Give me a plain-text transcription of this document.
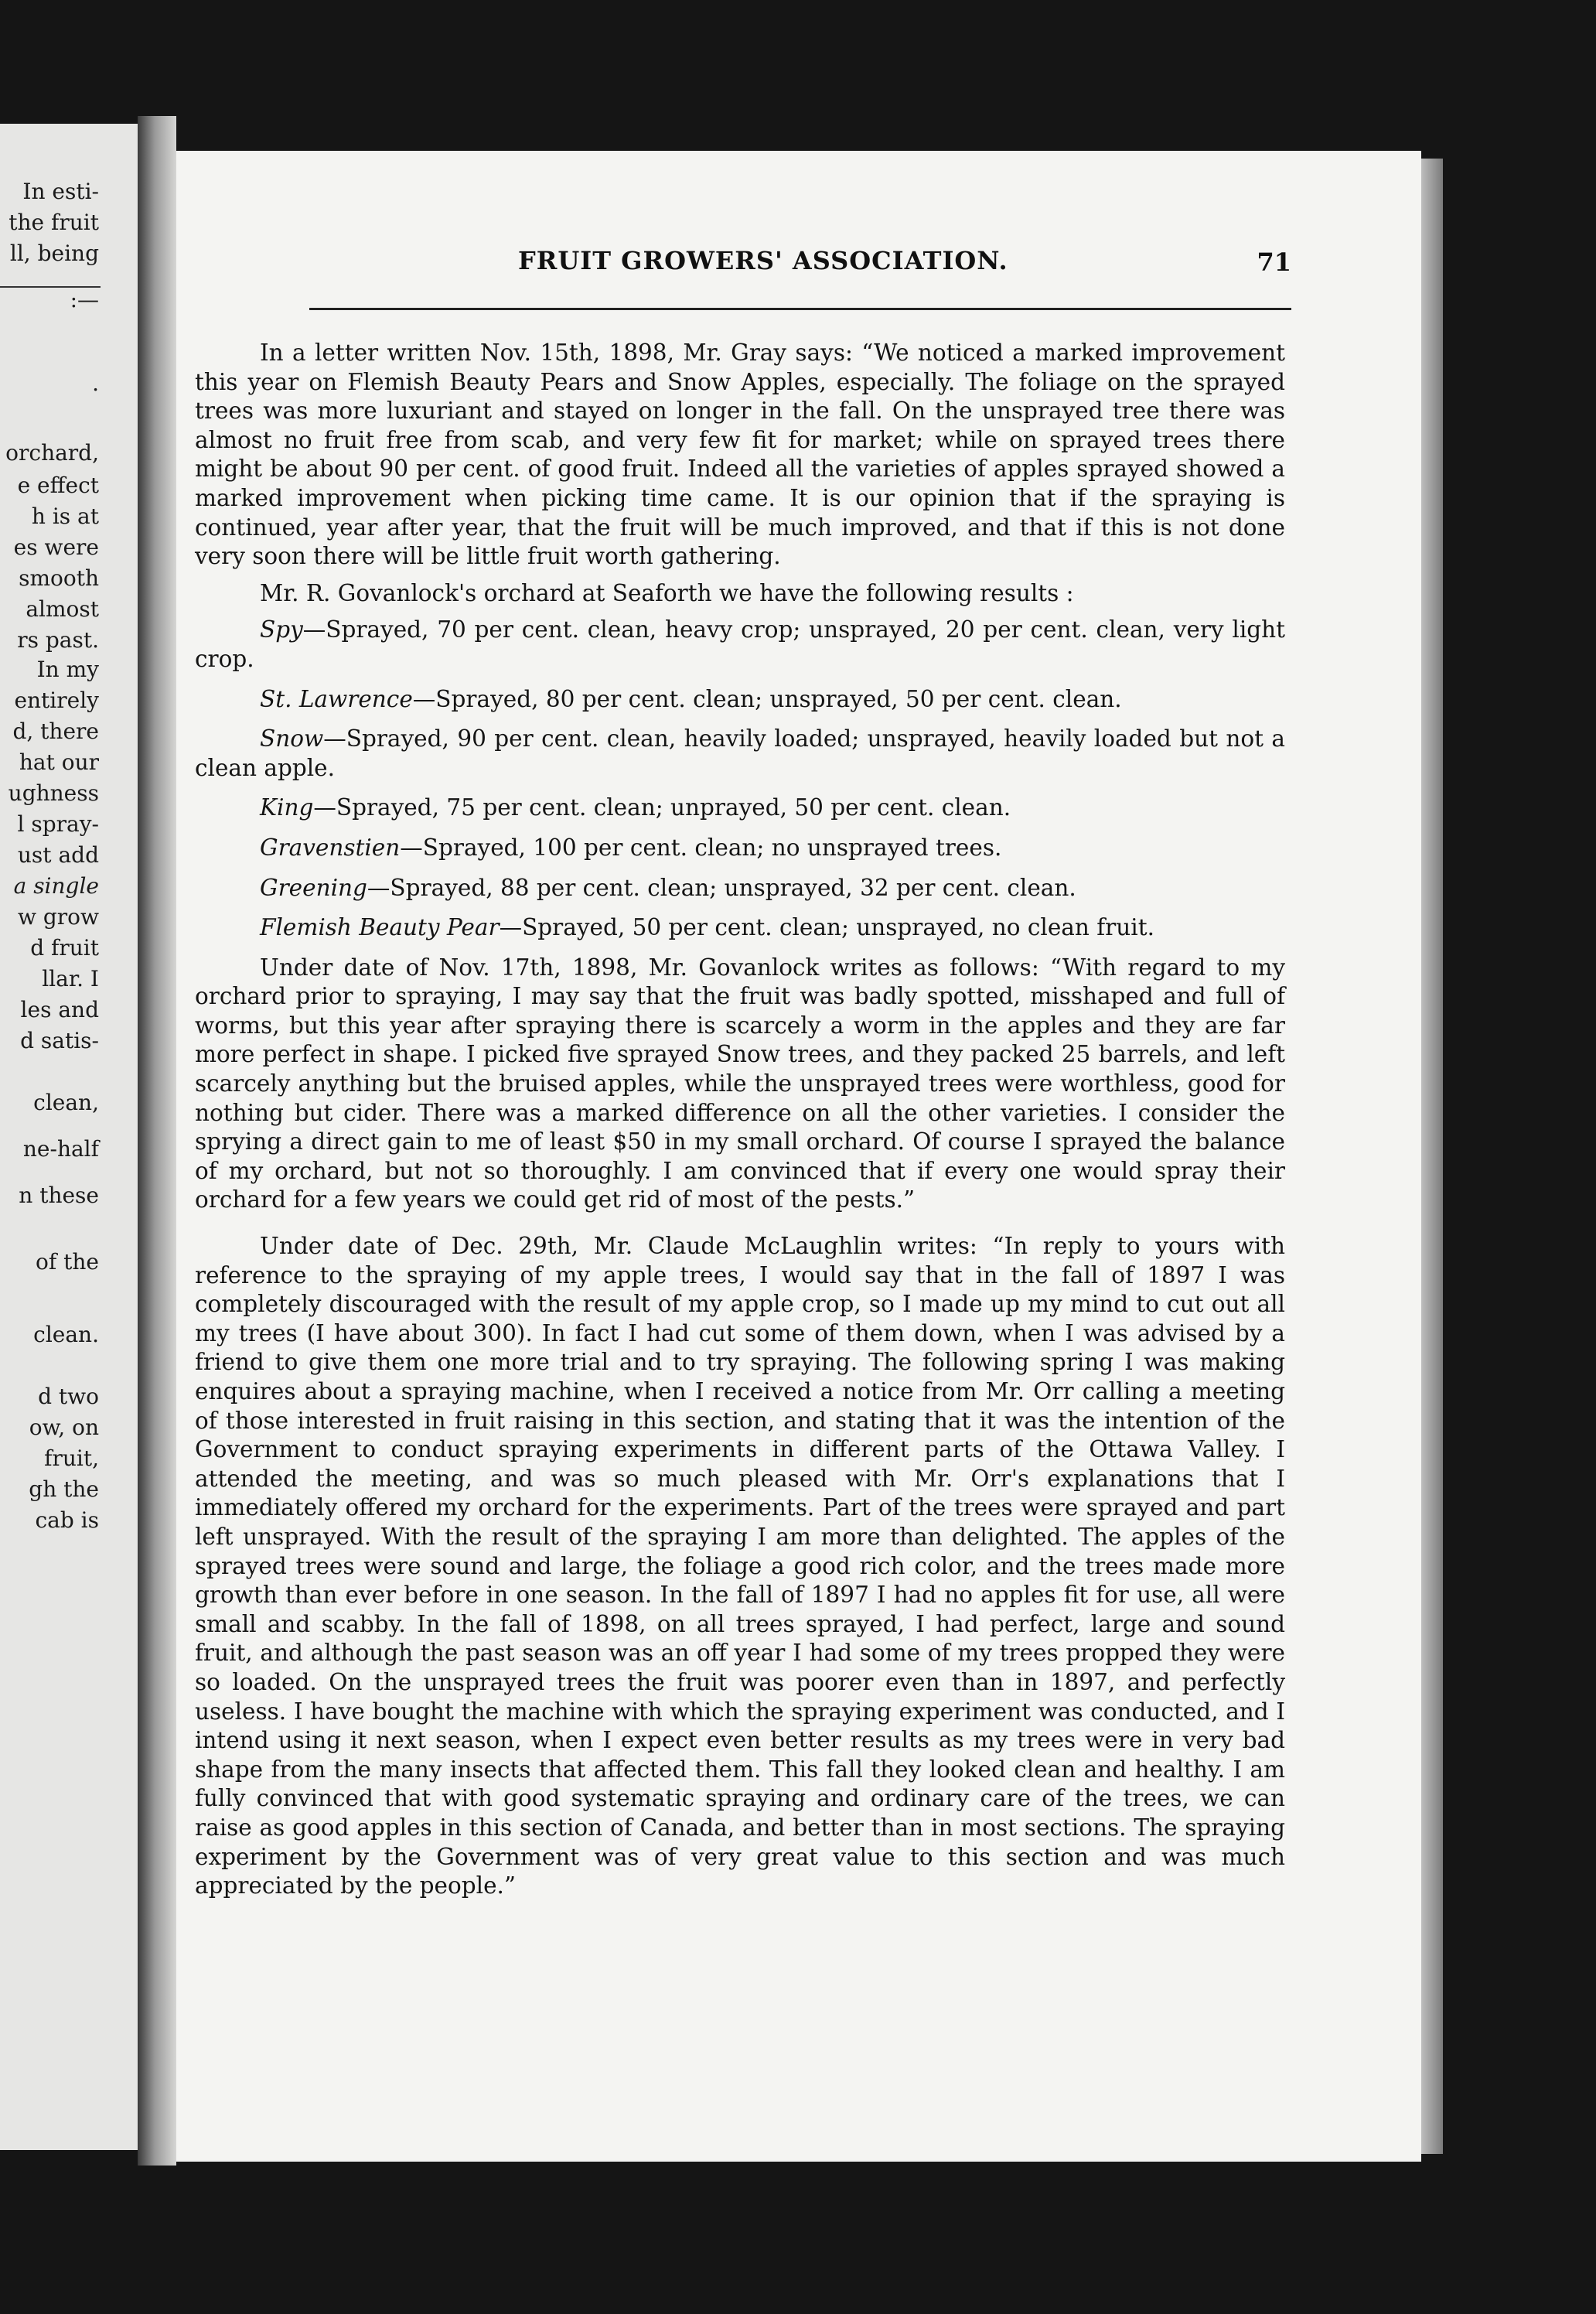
In esti-
the fruit
ll, being
:—
.
orchard,
e effect
h is at
es were
smooth
almost
rs past.
In my
entirely
d, there
hat our
ughness
l spray-
ust add
a single
w grow
d fruit
llar. I
les and
d satis-
clean,
ne-half
n these
of the
clean.
d two
ow, on
fruit,
gh the
cab is
FRUIT GROWERS' ASSOCIATION.	71

In a letter written Nov. 15th, 1898, Mr. Gray says: “We noticed a marked improvement this year on Flemish Beauty Pears and Snow Apples, especially. The foliage on the sprayed trees was more luxuriant and stayed on longer in the fall. On the unsprayed tree there was almost no fruit free from scab, and very few fit for market; while on sprayed trees there might be about 90 per cent. of good fruit. Indeed all the varieties of apples sprayed showed a marked improvement when picking time came. It is our opinion that if the spraying is continued, year after year, that the fruit will be much improved, and that if this is not done very soon there will be little fruit worth gathering.

Mr. R. Govanlock's orchard at Seaforth we have the following results :

Spy—Sprayed, 70 per cent. clean, heavy crop; unsprayed, 20 per cent. clean, very light crop.

St. Lawrence—Sprayed, 80 per cent. clean; unsprayed, 50 per cent. clean.

Snow—Sprayed, 90 per cent. clean, heavily loaded; unsprayed, heavily loaded but not a clean apple.

King—Sprayed, 75 per cent. clean; unprayed, 50 per cent. clean.

Gravenstien—Sprayed, 100 per cent. clean; no unsprayed trees.

Greening—Sprayed, 88 per cent. clean; unsprayed, 32 per cent. clean.

Flemish Beauty Pear—Sprayed, 50 per cent. clean; unsprayed, no clean fruit.

Under date of Nov. 17th, 1898, Mr. Govanlock writes as follows: “With regard to my orchard prior to spraying, I may say that the fruit was badly spotted, misshaped and full of worms, but this year after spraying there is scarcely a worm in the apples and they are far more perfect in shape. I picked five sprayed Snow trees, and they packed 25 barrels, and left scarcely anything but the bruised apples, while the unsprayed trees were worthless, good for nothing but cider. There was a marked difference on all the other varieties. I consider the sprying a direct gain to me of least $50 in my small orchard. Of course I sprayed the balance of my orchard, but not so thoroughly. I am convinced that if every one would spray their orchard for a few years we could get rid of most of the pests.”

Under date of Dec. 29th, Mr. Claude McLaughlin writes: “In reply to yours with reference to the spraying of my apple trees, I would say that in the fall of 1897 I was completely discouraged with the result of my apple crop, so I made up my mind to cut out all my trees (I have about 300). In fact I had cut some of them down, when I was advised by a friend to give them one more trial and to try spraying. The following spring I was making enquires about a spraying machine, when I received a notice from Mr. Orr calling a meeting of those interested in fruit raising in this section, and stating that it was the intention of the Government to conduct spraying experiments in different parts of the Ottawa Valley. I attended the meeting, and was so much pleased with Mr. Orr's explanations that I immediately offered my orchard for the experiments. Part of the trees were sprayed and part left unsprayed. With the result of the spraying I am more than delighted. The apples of the sprayed trees were sound and large, the foliage a good rich color, and the trees made more growth than ever before in one season. In the fall of 1897 I had no apples fit for use, all were small and scabby. In the fall of 1898, on all trees sprayed, I had perfect, large and sound fruit, and although the past season was an off year I had some of my trees propped they were so loaded. On the unsprayed trees the fruit was poorer even than in 1897, and perfectly useless. I have bought the machine with which the spraying experiment was conducted, and I intend using it next season, when I expect even better results as my trees were in very bad shape from the many insects that affected them. This fall they looked clean and healthy. I am fully convinced that with good systematic spraying and ordinary care of the trees, we can raise as good apples in this section of Canada, and better than in most sections. The spraying experiment by the Government was of very great value to this section and was much appreciated by the people.”
